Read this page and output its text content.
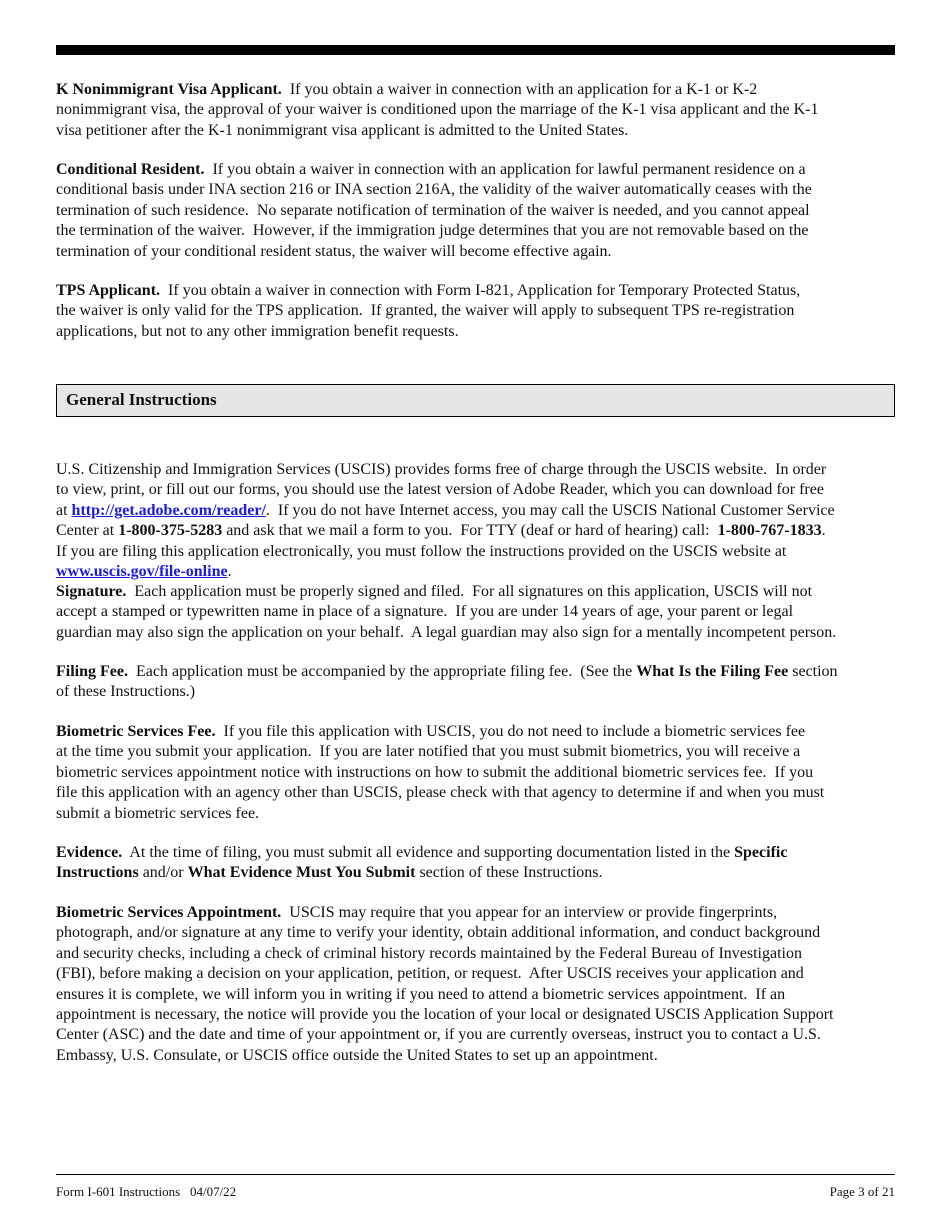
K Nonimmigrant Visa Applicant.  If you obtain a waiver in connection with an application for a K-1 or K-2

nonimmigrant visa, the approval of your waiver is conditioned upon the marriage of the K-1 visa applicant and the K-1

visa petitioner after the K-1 nonimmigrant visa applicant is admitted to the United States.

Conditional Resident.  If you obtain a waiver in connection with an application for lawful permanent residence on a

conditional basis under INA section 216 or INA section 216A, the validity of the waiver automatically ceases with the

termination of such residence.  No separate notification of termination of the waiver is needed, and you cannot appeal

the termination of the waiver.  However, if the immigration judge determines that you are not removable based on the

termination of your conditional resident status, the waiver will become effective again.

TPS Applicant.  If you obtain a waiver in connection with Form I-821, Application for Temporary Protected Status,

the waiver is only valid for the TPS application.  If granted, the waiver will apply to subsequent TPS re-registration

applications, but not to any other immigration benefit requests.

General Instructions

U.S. Citizenship and Immigration Services (USCIS) provides forms free of charge through the USCIS website.  In order

to view, print, or fill out our forms, you should use the latest version of Adobe Reader, which you can download for free

at http://get.adobe.com/reader/.  If you do not have Internet access, you may call the USCIS National Customer Service

Center at 1-800-375-5283 and ask that we mail a form to you.  For TTY (deaf or hard of hearing) call:  1-800-767-1833.

If you are filing this application electronically, you must follow the instructions provided on the USCIS website at

www.uscis.gov/file-online.

Signature.  Each application must be properly signed and filed.  For all signatures on this application, USCIS will not

accept a stamped or typewritten name in place of a signature.  If you are under 14 years of age, your parent or legal

guardian may also sign the application on your behalf.  A legal guardian may also sign for a mentally incompetent person.

Filing Fee.  Each application must be accompanied by the appropriate filing fee.  (See the What Is the Filing Fee section

of these Instructions.)

Biometric Services Fee.  If you file this application with USCIS, you do not need to include a biometric services fee

at the time you submit your application.  If you are later notified that you must submit biometrics, you will receive a

biometric services appointment notice with instructions on how to submit the additional biometric services fee.  If you

file this application with an agency other than USCIS, please check with that agency to determine if and when you must

submit a biometric services fee.

Evidence.  At the time of filing, you must submit all evidence and supporting documentation listed in the Specific

Instructions and/or What Evidence Must You Submit section of these Instructions.

Biometric Services Appointment.  USCIS may require that you appear for an interview or provide fingerprints,

photograph, and/or signature at any time to verify your identity, obtain additional information, and conduct background

and security checks, including a check of criminal history records maintained by the Federal Bureau of Investigation

(FBI), before making a decision on your application, petition, or request.  After USCIS receives your application and

ensures it is complete, we will inform you in writing if you need to attend a biometric services appointment.  If an

appointment is necessary, the notice will provide you the location of your local or designated USCIS Application Support

Center (ASC) and the date and time of your appointment or, if you are currently overseas, instruct you to contact a U.S.

Embassy, U.S. Consulate, or USCIS office outside the United States to set up an appointment.

Form I-601 Instructions   04/07/22	Page 3 of 21
